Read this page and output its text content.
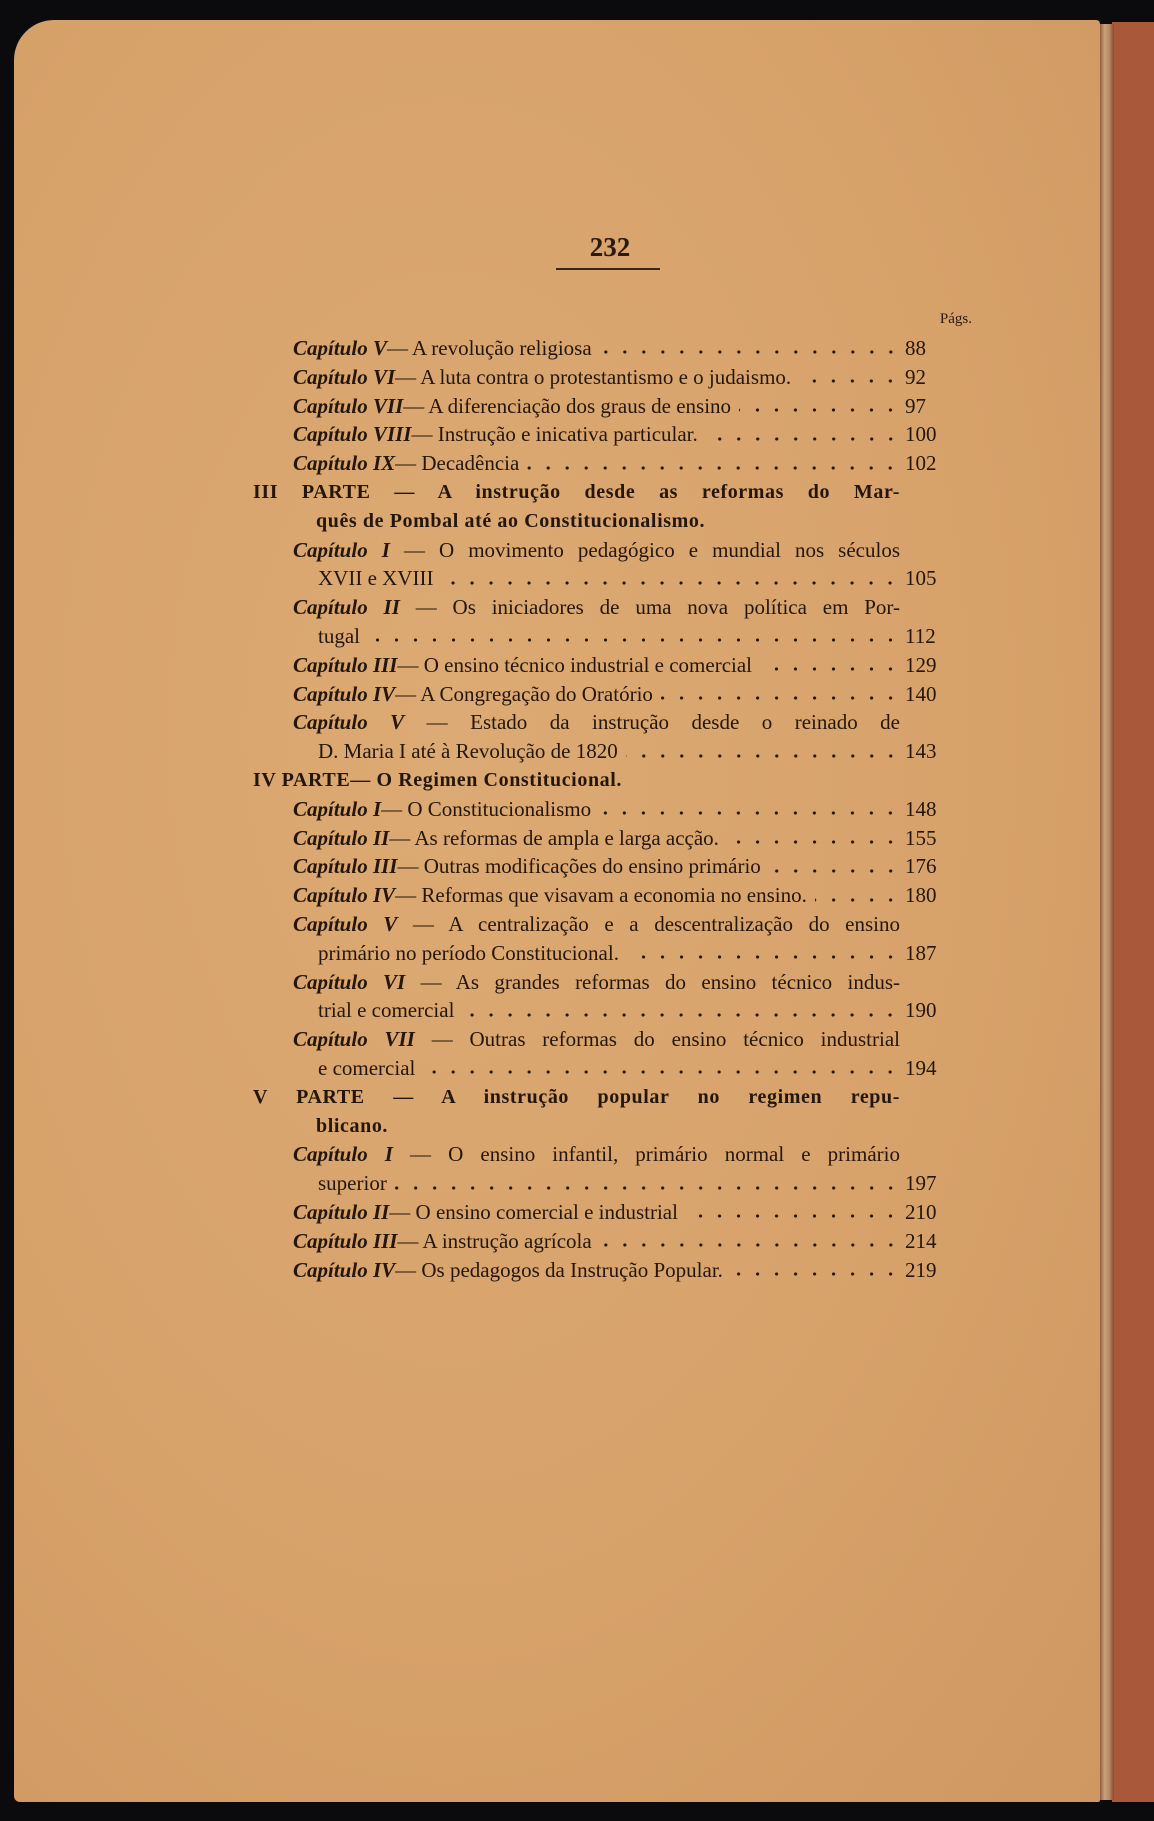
232
Págs.
88
Capítulo V — A revolução religiosa
92
Capítulo VI — A luta contra o protestantismo e o judaismo.
97
Capítulo VII — A diferenciação dos graus de ensino
100
Capítulo VIII — Instrução e inicativa particular.
102
Capítulo IX — Decadência
III PARTE — A instrução desde as reformas do Mar-
quês de Pombal até ao Constitucionalismo.
Capítulo I — O movimento pedagógico e mundial nos séculos
105
XVII e XVIII
Capítulo II — Os iniciadores de uma nova política em Por-
112
tugal
129
Capítulo III — O ensino técnico industrial e comercial
140
Capítulo IV — A Congregação do Oratório
Capítulo V — Estado da instrução desde o reinado de
143
D. Maria I até à Revolução de 1820
IV PARTE — O Regimen Constitucional.
148
Capítulo I — O Constitucionalismo
155
Capítulo II — As reformas de ampla e larga acção.
176
Capítulo III — Outras modificações do ensino primário
180
Capítulo IV — Reformas que visavam a economia no ensino.
Capítulo V — A centralização e a descentralização do ensino
187
primário no período Constitucional.
Capítulo VI — As grandes reformas do ensino técnico indus-
190
trial e comercial
Capítulo VII — Outras reformas do ensino técnico industrial
194
e comercial
V PARTE — A instrução popular no regimen repu-
blicano.
Capítulo I — O ensino infantil, primário normal e primário
197
superior
210
Capítulo II — O ensino comercial e industrial
214
Capítulo III — A instrução agrícola
219
Capítulo IV — Os pedagogos da Instrução Popular.
